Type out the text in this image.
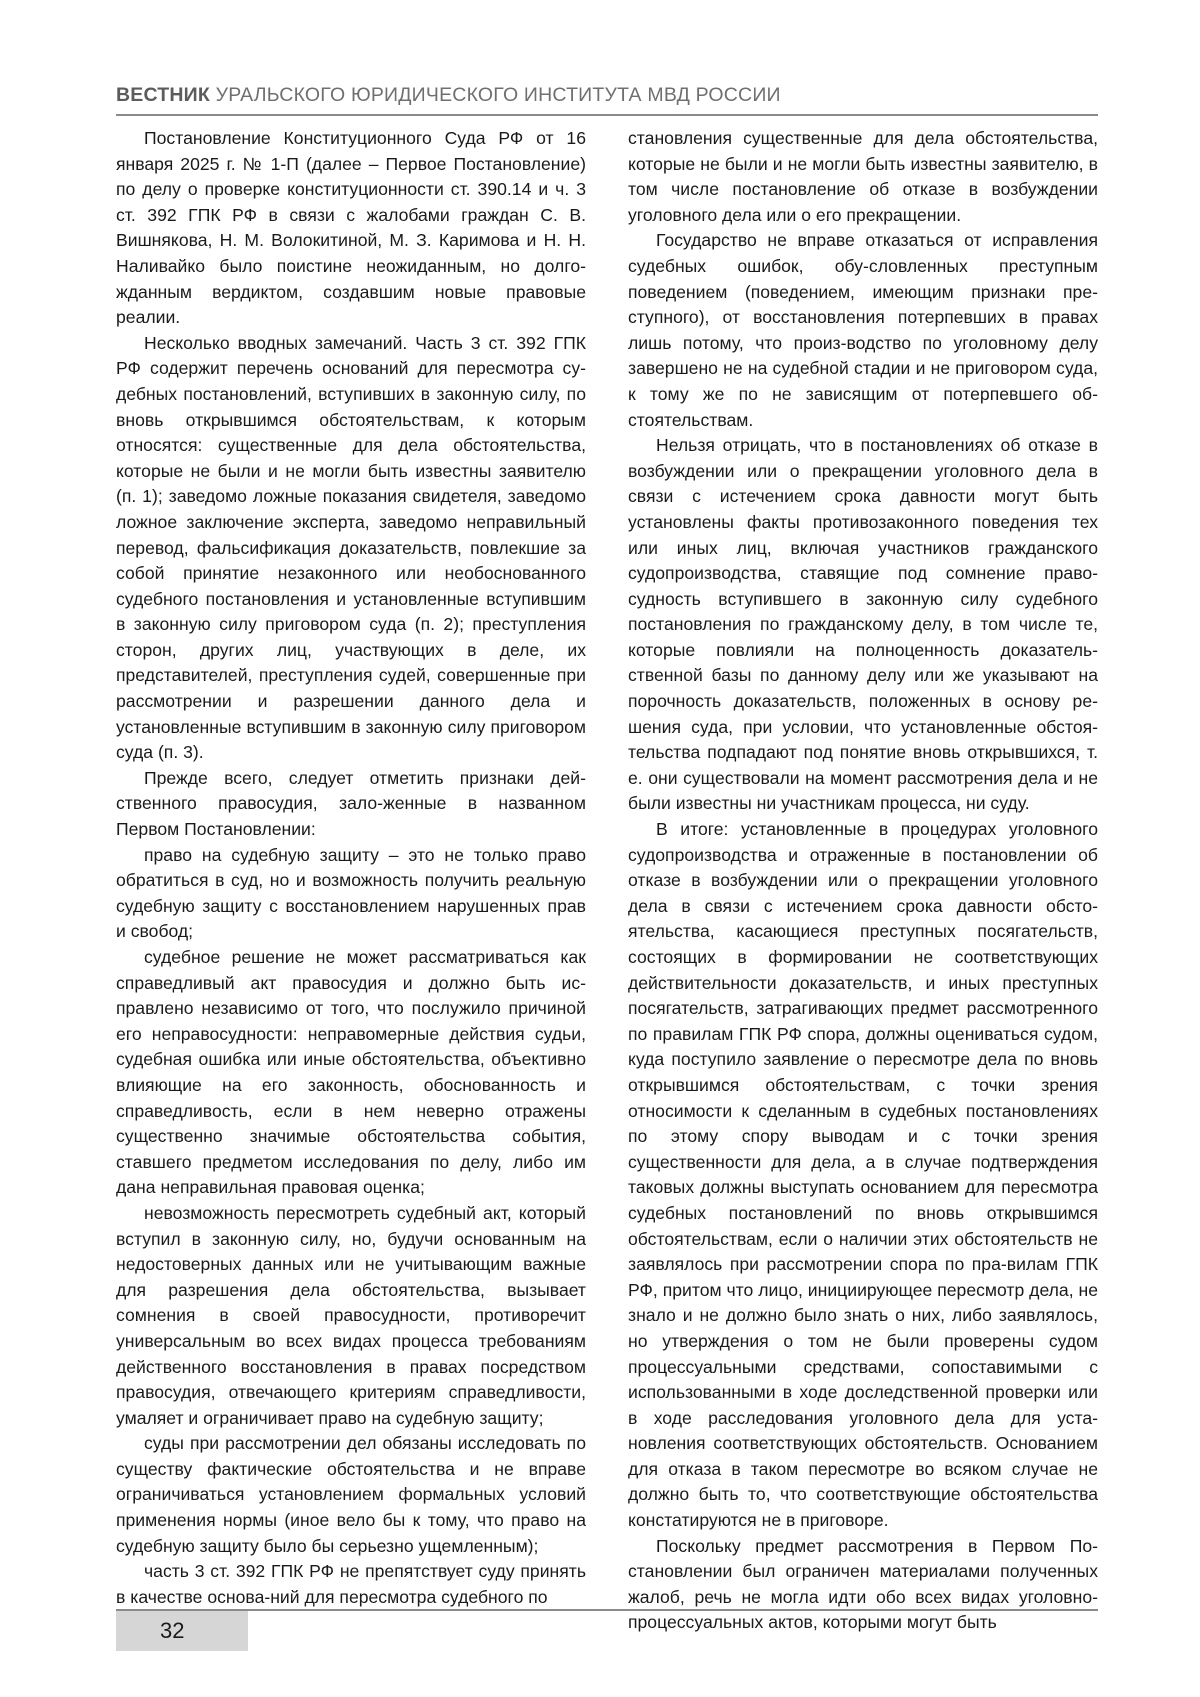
ВЕСТНИК УРАЛЬСКОГО ЮРИДИЧЕСКОГО ИНСТИТУТА МВД РОССИИ

Постановление Конституционного Суда РФ от 16 января 2025 г. № 1-П (далее – Первое Постановление) по делу о проверке конституционности ст. 390.14 и ч. 3 ст. 392 ГПК РФ в связи с жалобами граждан С. В. Вишнякова, Н. М. Волокитиной, М. З. Каримова и Н. Н. Наливайко было поистине неожиданным, но долгожданным вердиктом, создавшим новые правовые реалии.

Несколько вводных замечаний. Часть 3 ст. 392 ГПК РФ содержит перечень оснований для пересмотра судебных постановлений, вступивших в законную силу, по вновь открывшимся обстоятельствам, к которым относятся: существенные для дела обстоятельства, которые не были и не могли быть известны заявителю (п. 1); заведомо ложные показания свидетеля, заведомо ложное заключение эксперта, заведомо неправильный перевод, фальсификация доказательств, повлекшие за собой принятие незаконного или необоснованного судебного постановления и установленные вступившим в законную силу приговором суда (п. 2); преступления сторон, других лиц, участвующих в деле, их представителей, преступления судей, совершенные при рассмотрении и разрешении данного дела и установленные вступившим в законную силу приговором суда (п. 3).

Прежде всего, следует отметить признаки действенного правосудия, зало-женные в названном Первом Постановлении:

право на судебную защиту – это не только право обратиться в суд, но и возможность получить реальную судебную защиту с восстановлением нарушенных прав и свобод;

судебное решение не может рассматриваться как справедливый акт правосудия и должно быть исправлено независимо от того, что послужило причиной его неправосудности: неправомерные действия судьи, судебная ошибка или иные обстоятельства, объективно влияющие на его законность, обоснованность и справедливость, если в нем неверно отражены существенно значимые обстоятельства события, ставшего предметом исследования по делу, либо им дана неправильная правовая оценка;

невозможность пересмотреть судебный акт, который вступил в законную силу, но, будучи основанным на недостоверных данных или не учитывающим важные для разрешения дела обстоятельства, вызывает сомнения в своей правосудности, противоречит универсальным во всех видах процесса требованиям действенного восстановления в правах посредством правосудия, отвечающего критериям справедливости, умаляет и ограничивает право на судебную защиту;

суды при рассмотрении дел обязаны исследовать по существу фактические обстоятельства и не вправе ограничиваться установлением формальных условий применения нормы (иное вело бы к тому, что право на судебную защиту было бы серьезно ущемленным);

часть 3 ст. 392 ГПК РФ не препятствует суду принять в качестве основа-ний для пересмотра судебного по

становления существенные для дела обстоятельства, которые не были и не могли быть известны заявителю, в том числе постановление об отказе в возбуждении уголовного дела или о его прекращении.

Государство не вправе отказаться от исправления судебных ошибок, обу-словленных преступным поведением (поведением, имеющим признаки преступного), от восстановления потерпевших в правах лишь потому, что произ-водство по уголовному делу завершено не на судебной стадии и не приговором суда, к тому же по не зависящим от потерпевшего обстоятельствам.

Нельзя отрицать, что в постановлениях об отказе в возбуждении или о прекращении уголовного дела в связи с истечением срока давности могут быть установлены факты противозаконного поведения тех или иных лиц, включая участников гражданского судопроизводства, ставящие под сомнение правосудность вступившего в законную силу судебного постановления по гражданскому делу, в том числе те, которые повлияли на полноценность доказательственной базы по данному делу или же указывают на порочность доказательств, положенных в основу решения суда, при условии, что установленные обстоятельства подпадают под понятие вновь открывшихся, т. е. они существовали на момент рассмотрения дела и не были известны ни участникам процесса, ни суду.

В итоге: установленные в процедурах уголовного судопроизводства и отраженные в постановлении об отказе в возбуждении или о прекращении уголовного дела в связи с истечением срока давности обстоятельства, касающиеся преступных посягательств, состоящих в формировании не соответствующих действительности доказательств, и иных преступных посягательств, затрагивающих предмет рассмотренного по правилам ГПК РФ спора, должны оцениваться судом, куда поступило заявление о пересмотре дела по вновь открывшимся обстоятельствам, с точки зрения относимости к сделанным в судебных постановлениях по этому спору выводам и с точки зрения существенности для дела, а в случае подтверждения таковых должны выступать основанием для пересмотра судебных постановлений по вновь открывшимся обстоятельствам, если о наличии этих обстоятельств не заявлялось при рассмотрении спора по пра-вилам ГПК РФ, притом что лицо, инициирующее пересмотр дела, не знало и не должно было знать о них, либо заявлялось, но утверждения о том не были проверены судом процессуальными средствами, сопоставимыми с использованными в ходе доследственной проверки или в ходе расследования уголовного дела для установления соответствующих обстоятельств. Основанием для отказа в таком пересмотре во всяком случае не должно быть то, что соответствующие обстоятельства констатируются не в приговоре.

Поскольку предмет рассмотрения в Первом Постановлении был ограничен материалами полученных жалоб, речь не могла идти обо всех видах уголовно-процессуальных актов, которыми могут быть

32
